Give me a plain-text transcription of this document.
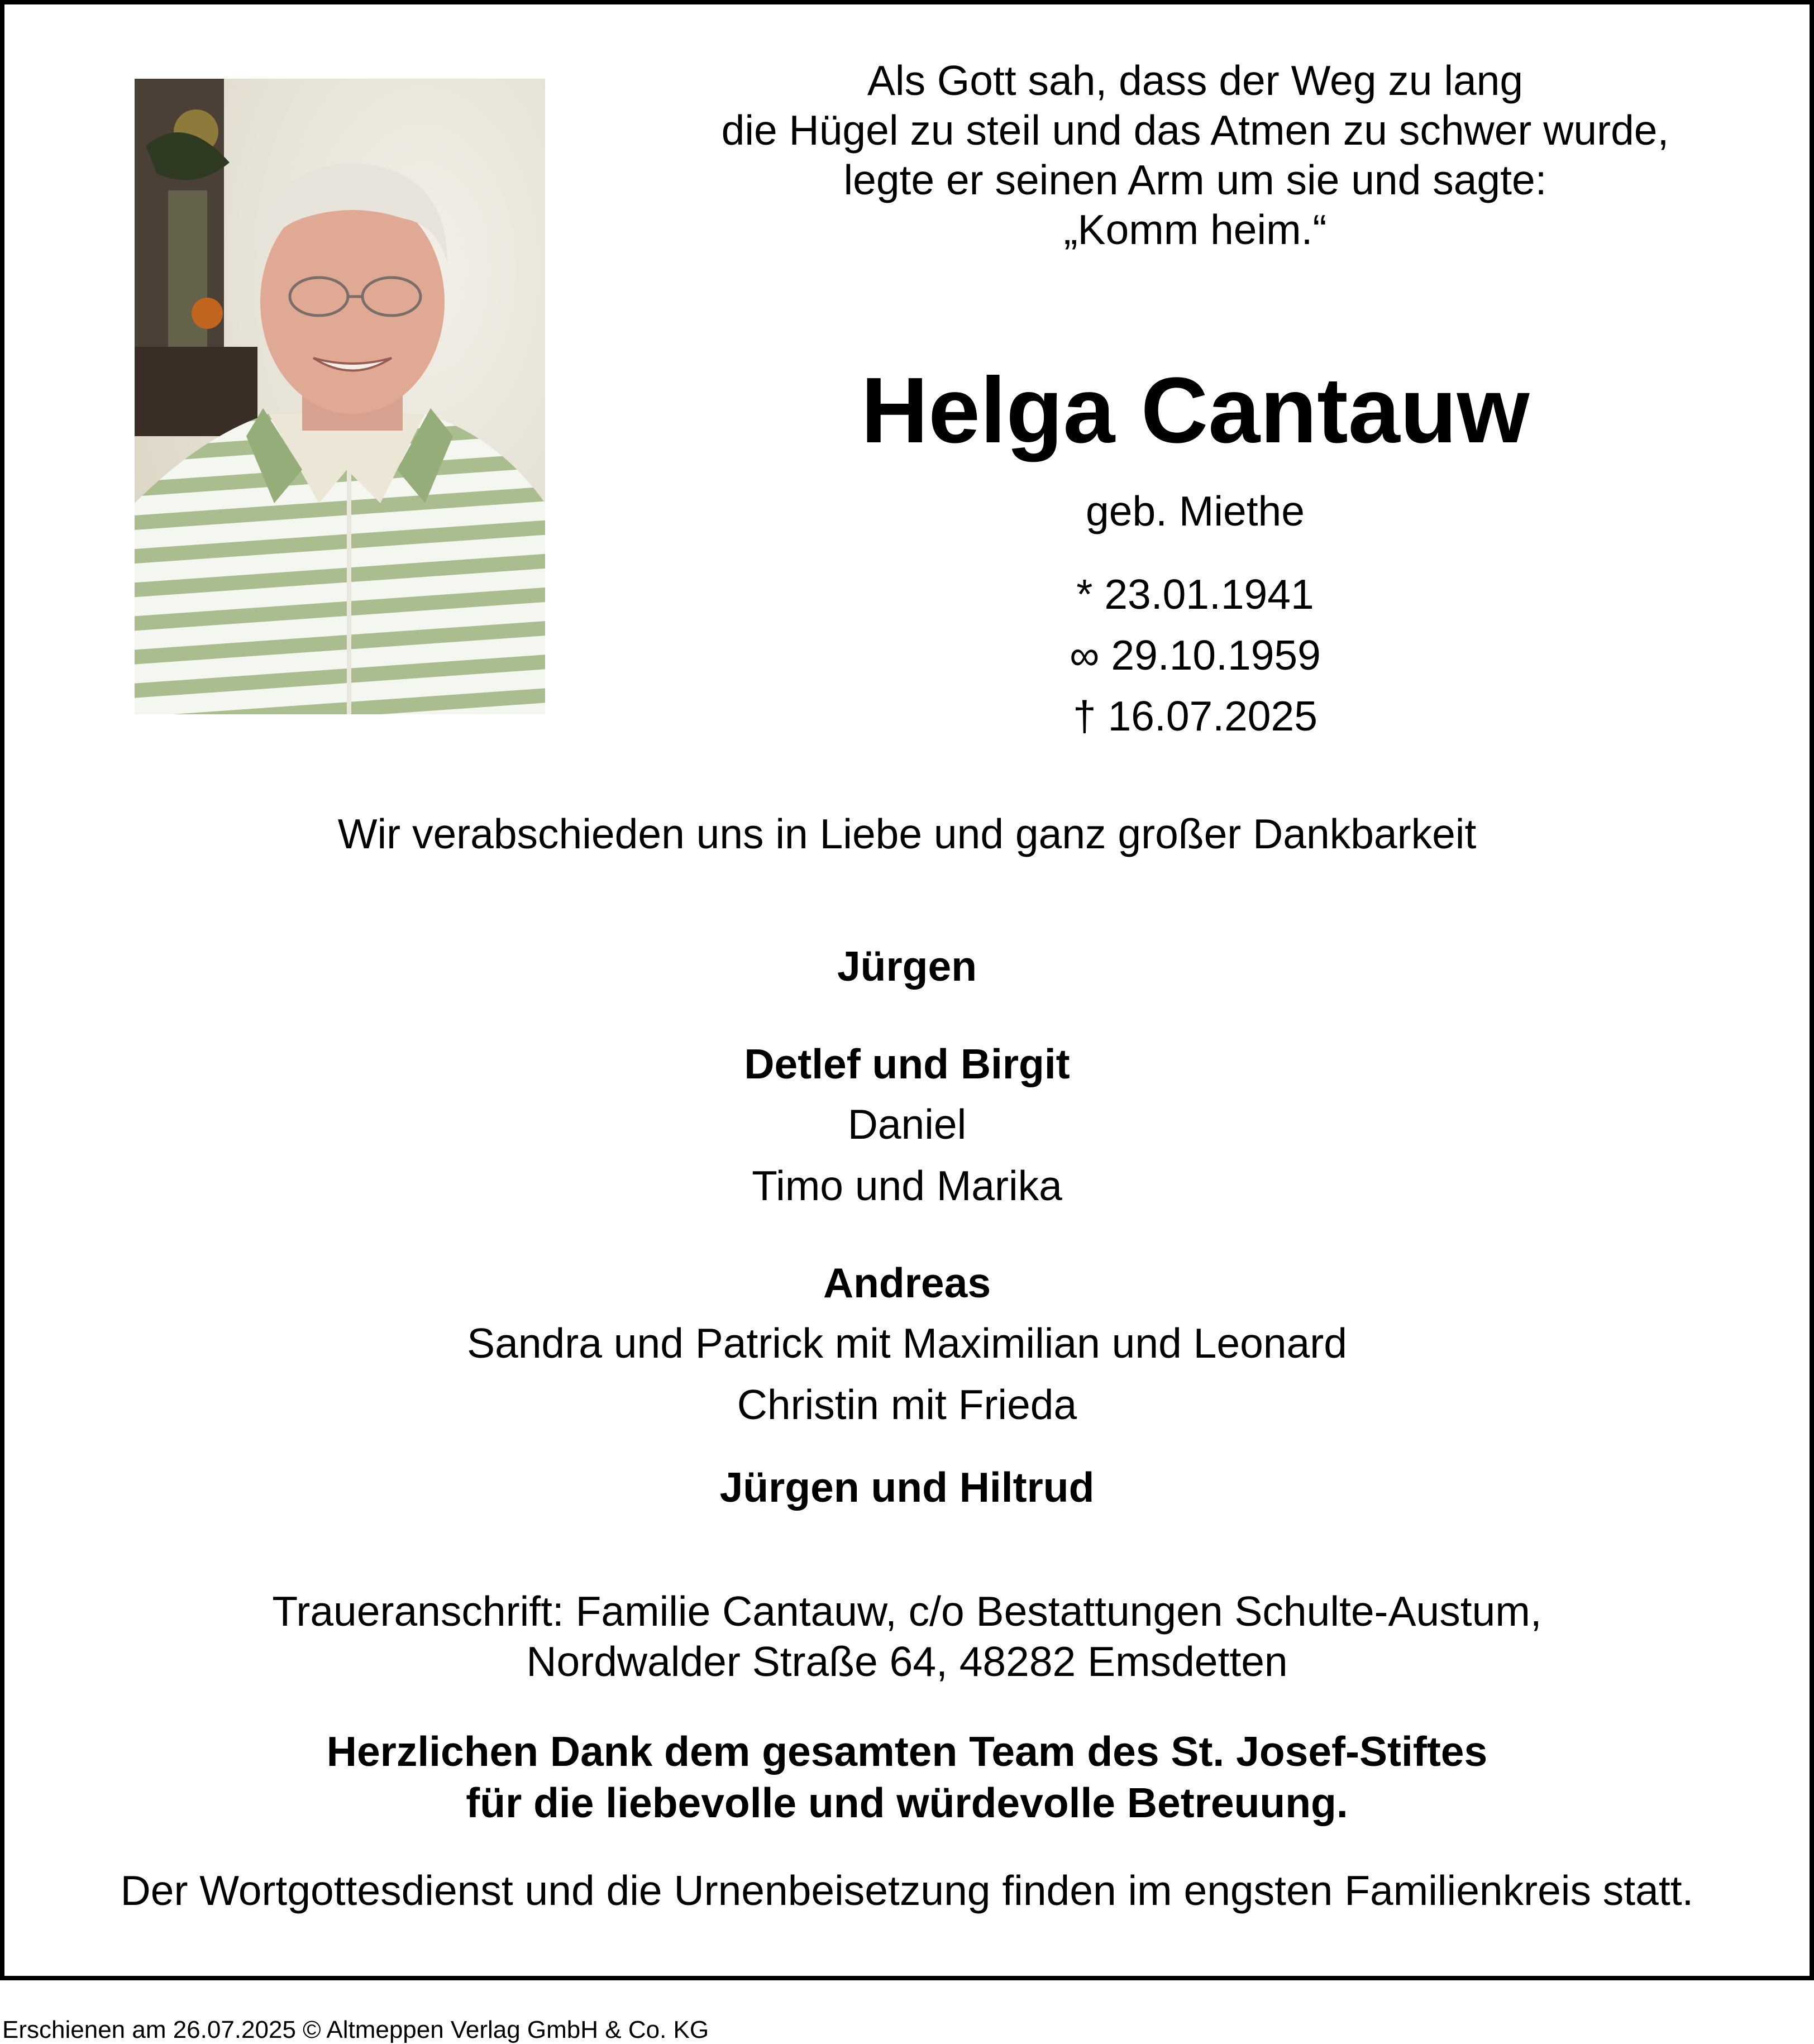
Als Gott sah, dass der Weg zu lang
die Hügel zu steil und das Atmen zu schwer wurde,
legte er seinen Arm um sie und sagte:
„Komm heim.“
Helga Cantauw
geb. Miethe
* 23.01.1941
∞ 29.10.1959
† 16.07.2025
Wir verabschieden uns in Liebe und ganz großer Dankbarkeit
Jürgen
Detlef und Birgit
Daniel
Timo und Marika
Andreas
Sandra und Patrick mit Maximilian und Leonard
Christin mit Frieda
Jürgen und Hiltrud
Traueranschrift: Familie Cantauw, c/o Bestattungen Schulte-Austum,
Nordwalder Straße 64, 48282 Emsdetten
Herzlichen Dank dem gesamten Team des St. Josef-Stiftes
für die liebevolle und würdevolle Betreuung.
Der Wortgottesdienst und die Urnenbeisetzung finden im engsten Familienkreis statt.
Erschienen am 26.07.2025 © Altmeppen Verlag GmbH & Co. KG
